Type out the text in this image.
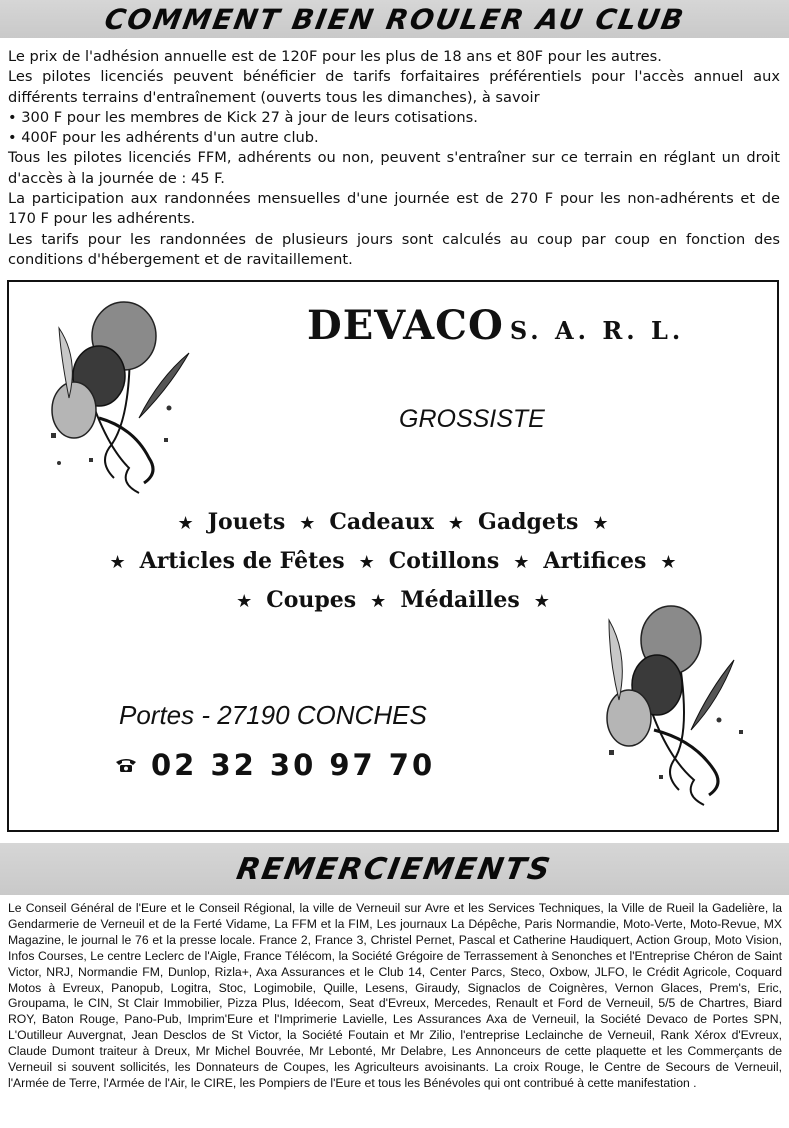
COMMENT BIEN ROULER AU CLUB

Le prix de l'adhésion annuelle est de 120F pour les plus de 18 ans et 80F pour les autres.

Les pilotes licenciés peuvent bénéficier de tarifs forfaitaires préférentiels pour l'accès annuel aux différents terrains d'entraînement (ouverts tous les dimanches), à savoir

• 300 F pour les membres de Kick 27 à jour de leurs cotisations.

• 400F pour les adhérents d'un autre club.

Tous les pilotes licenciés FFM, adhérents ou non, peuvent s'entraîner sur ce terrain en réglant un droit d'accès à la journée de : 45 F.

La participation aux randonnées mensuelles d'une journée est de 270 F pour les non-adhérents et de 170 F pour les adhérents.

Les tarifs pour les randonnées de plusieurs jours sont calculés au coup par coup en fonction des conditions d'hébergement et de ravitaillement.

DEVACO S. A. R. L.
GROSSISTE
★ Jouets ★ Cadeaux ★ Gadgets ★
★ Articles de Fêtes ★ Cotillons ★ Artifices ★
★ Coupes ★ Médailles ★
Portes - 27190 CONCHES
02 32 30 97 70
REMERCIEMENTS

Le Conseil Général de l'Eure et le Conseil Régional, la ville de Verneuil sur Avre et les Services Techniques, la Ville de Rueil la Gadelière, la Gendarmerie de Verneuil et de la Ferté Vidame, La FFM et la FIM, Les journaux La Dépêche, Paris Normandie, Moto-Verte, Moto-Revue, MX Magazine, le journal le 76 et la presse locale. France 2, France 3, Christel Pernet, Pascal et Catherine Haudiquert, Action Group, Moto Vision, Infos Courses, Le centre Leclerc de l'Aigle, France Télécom, la Société Grégoire de Terrassement à Senonches et l'Entreprise Chéron de Saint Victor, NRJ, Normandie FM, Dunlop, Rizla+, Axa Assurances et le Club 14, Center Parcs, Steco, Oxbow, JLFO, le Crédit Agricole, Coquard Motos à Evreux, Panopub, Logitra, Stoc, Logimobile, Quille, Lesens, Giraudy, Signaclos de Coignères, Vernon Glaces, Prem's, Eric, Groupama, le CIN, St Clair Immobilier, Pizza Plus, Idéecom, Seat d'Evreux, Mercedes, Renault et Ford de Verneuil, 5/5 de Chartres, Biard ROY, Baton Rouge, Pano-Pub, Imprim'Eure et l'Imprimerie Lavielle, Les Assurances Axa de Verneuil, la Société Devaco de Portes SPN, L'Outilleur Auvergnat, Jean Desclos de St Victor, la Société Foutain et Mr Zilio, l'entreprise Leclainche de Verneuil, Rank Xérox d'Evreux, Claude Dumont traiteur à Dreux, Mr Michel Bouvrée, Mr Lebonté, Mr Delabre, Les Annonceurs de cette plaquette et les Commerçants de Verneuil si souvent sollicités, les Donnateurs de Coupes, les Agriculteurs avoisinants. La croix Rouge, le Centre de Secours de Verneuil, l'Armée de Terre, l'Armée de l'Air, le CIRE, les Pompiers de l'Eure et tous les Bénévoles qui ont contribué à cette manifestation .
